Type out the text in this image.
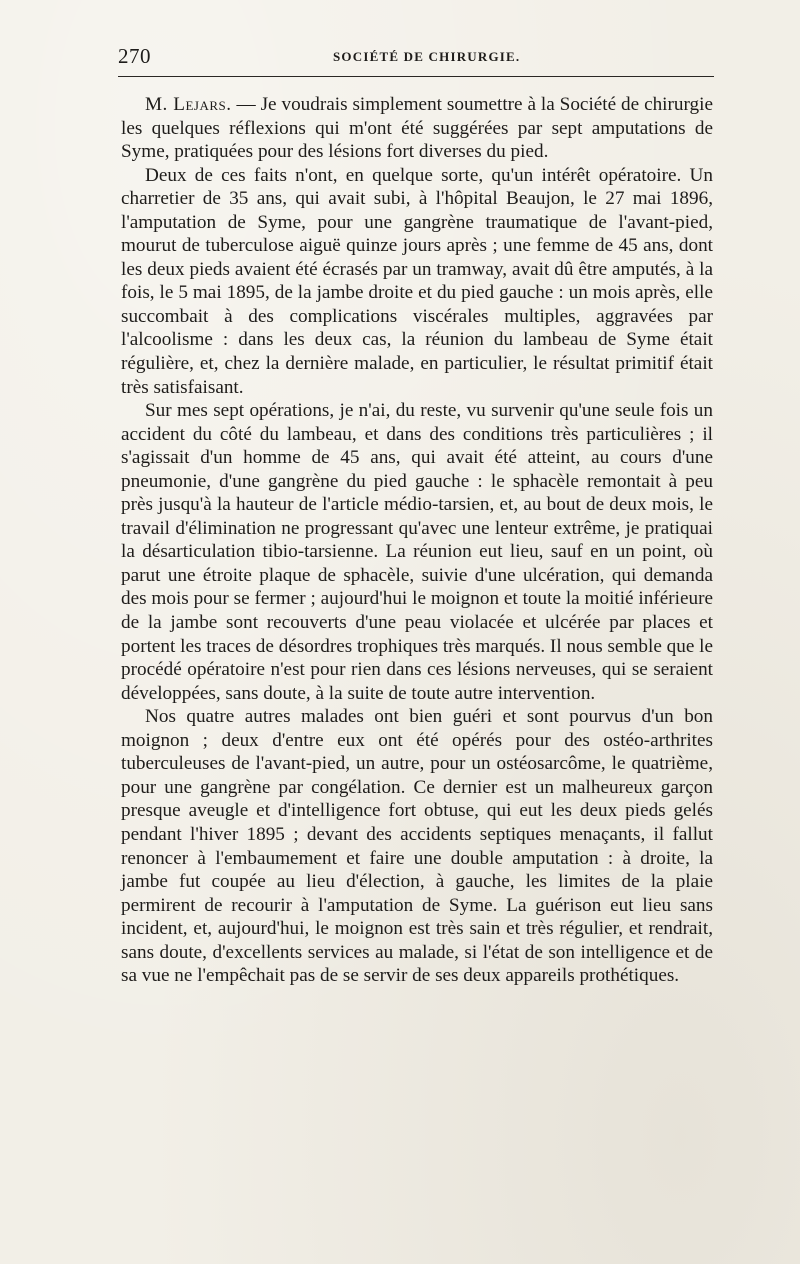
270	SOCIÉTÉ DE CHIRURGIE.

M. Lejars. — Je voudrais simplement soumettre à la Société de chirurgie les quelques réflexions qui m'ont été suggérées par sept amputations de Syme, pratiquées pour des lésions fort diverses du pied.

Deux de ces faits n'ont, en quelque sorte, qu'un intérêt opératoire. Un charretier de 35 ans, qui avait subi, à l'hôpital Beaujon, le 27 mai 1896, l'amputation de Syme, pour une gangrène traumatique de l'avant-pied, mourut de tuberculose aiguë quinze jours après ; une femme de 45 ans, dont les deux pieds avaient été écrasés par un tramway, avait dû être amputés, à la fois, le 5 mai 1895, de la jambe droite et du pied gauche : un mois après, elle succombait à des complications viscérales multiples, aggravées par l'alcoolisme : dans les deux cas, la réunion du lambeau de Syme était régulière, et, chez la dernière malade, en particulier, le résultat primitif était très satisfaisant.

Sur mes sept opérations, je n'ai, du reste, vu survenir qu'une seule fois un accident du côté du lambeau, et dans des conditions très particulières ; il s'agissait d'un homme de 45 ans, qui avait été atteint, au cours d'une pneumonie, d'une gangrène du pied gauche : le sphacèle remontait à peu près jusqu'à la hauteur de l'article médio-tarsien, et, au bout de deux mois, le travail d'élimination ne progressant qu'avec une lenteur extrême, je pratiquai la désarticulation tibio-tarsienne. La réunion eut lieu, sauf en un point, où parut une étroite plaque de sphacèle, suivie d'une ulcération, qui demanda des mois pour se fermer ; aujourd'hui le moignon et toute la moitié inférieure de la jambe sont recouverts d'une peau violacée et ulcérée par places et portent les traces de désordres trophiques très marqués. Il nous semble que le procédé opératoire n'est pour rien dans ces lésions nerveuses, qui se seraient développées, sans doute, à la suite de toute autre intervention.

Nos quatre autres malades ont bien guéri et sont pourvus d'un bon moignon ; deux d'entre eux ont été opérés pour des ostéo-arthrites tuberculeuses de l'avant-pied, un autre, pour un ostéosarcôme, le quatrième, pour une gangrène par congélation. Ce dernier est un malheureux garçon presque aveugle et d'intelligence fort obtuse, qui eut les deux pieds gelés pendant l'hiver 1895 ; devant des accidents septiques menaçants, il fallut renoncer à l'embaumement et faire une double amputation : à droite, la jambe fut coupée au lieu d'élection, à gauche, les limites de la plaie permirent de recourir à l'amputation de Syme. La guérison eut lieu sans incident, et, aujourd'hui, le moignon est très sain et très régulier, et rendrait, sans doute, d'excellents services au malade, si l'état de son intelligence et de sa vue ne l'empêchait pas de se servir de ses deux appareils prothétiques.
